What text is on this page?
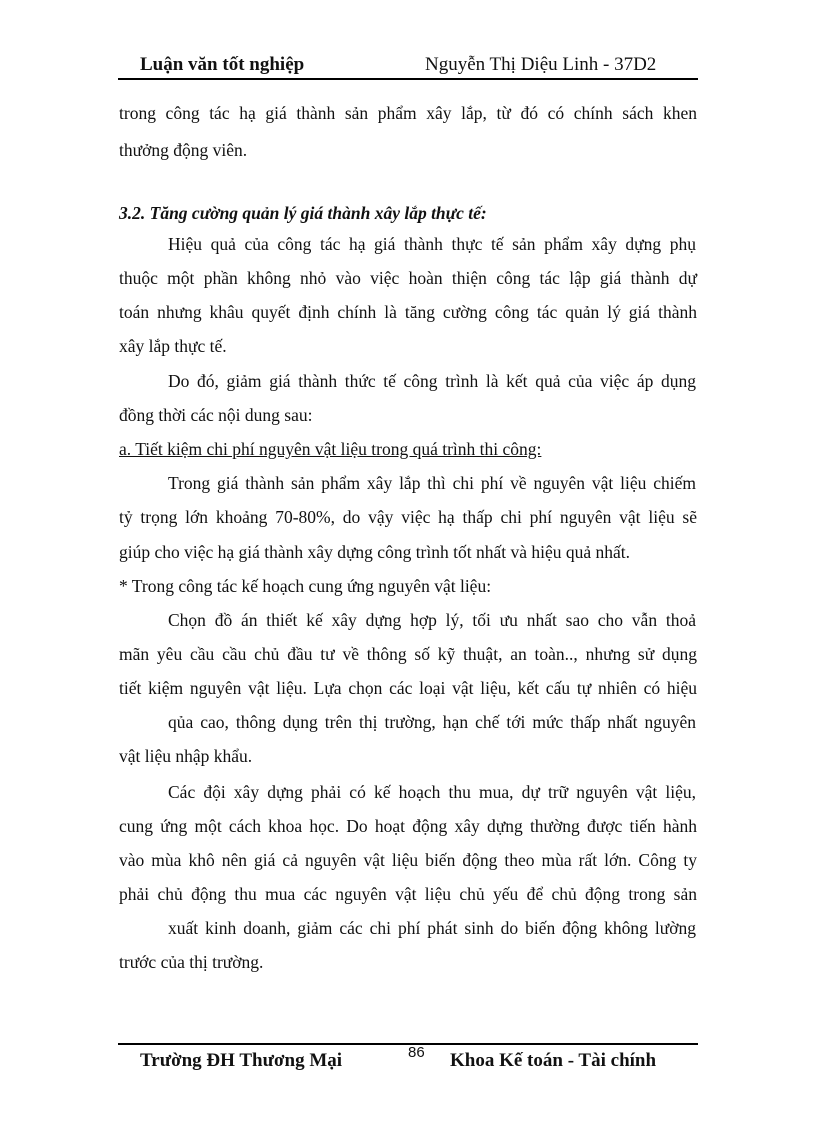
Luận văn tốt nghiệp	Nguyễn Thị Diệu Linh - 37D2
trong công tác hạ giá thành sản phẩm xây lắp, từ đó có chính sách khen
thưởng động viên.
3.2. Tăng cường quản lý giá thành xây lắp thực tế:
Hiệu quả của công tác hạ giá thành thực tế sản phẩm xây dựng phụ
thuộc một phần không nhỏ vào việc hoàn thiện công tác lập giá thành dự
toán nhưng khâu quyết định chính là tăng cường công tác quản lý giá thành
xây lắp thực tế.
Do đó, giảm giá thành thức tế công trình là kết quả của việc áp dụng
đồng thời các nội dung sau:
a. Tiết kiệm chi phí nguyên vật liệu trong quá trình thi công:
Trong giá thành sản phẩm xây lắp thì chi phí về nguyên vật liệu chiếm
tỷ trọng lớn khoảng 70-80%, do vậy việc hạ thấp chi phí nguyên vật liệu sẽ
giúp cho việc hạ giá thành xây dựng công trình tốt nhất và hiệu quả nhất.
* Trong công tác kế hoạch cung ứng nguyên vật liệu:
Chọn đồ án thiết kế xây dựng hợp lý, tối ưu nhất sao cho vẫn thoả
mãn yêu cầu cầu chủ đầu tư về thông số kỹ thuật, an toàn.., nhưng sử dụng
tiết kiệm nguyên vật liệu. Lựa chọn các loại vật liệu, kết cấu tự nhiên có hiệu
qủa cao, thông dụng trên thị trường, hạn chế tới mức thấp nhất nguyên
vật liệu nhập khẩu.
Các đội xây dựng phải có kế hoạch thu mua, dự trữ nguyên vật liệu,
cung ứng một cách khoa học. Do hoạt động xây dựng thường được tiến hành
vào mùa khô nên giá cả nguyên vật liệu biến động theo mùa rất lớn. Công ty
phải chủ động thu mua các nguyên vật liệu chủ yếu để chủ động trong sản
xuất kinh doanh, giảm các chi phí phát sinh do biến động không lường
trước của thị trường.
Trường ĐH Thương Mại	86 Khoa Kế toán - Tài chính
